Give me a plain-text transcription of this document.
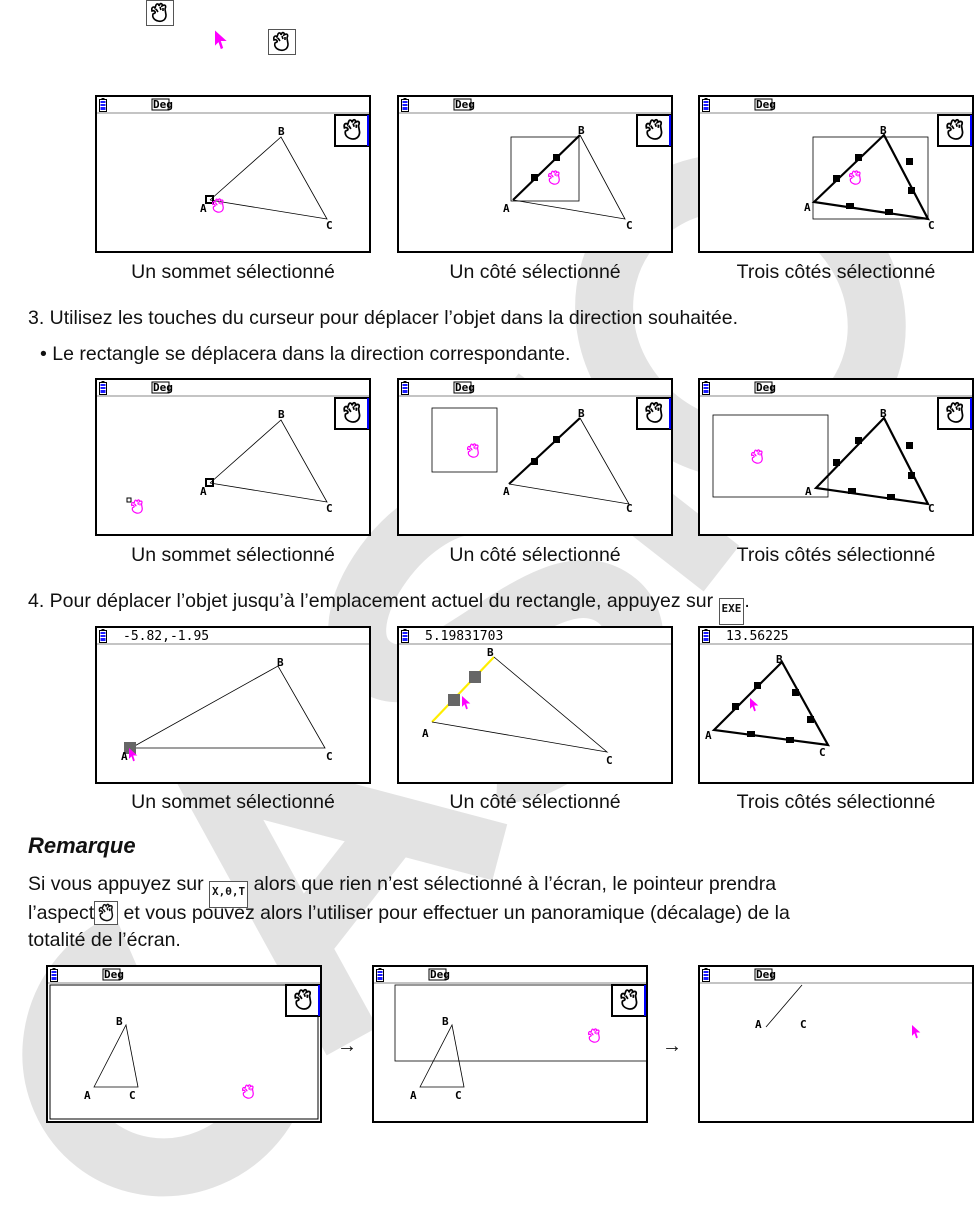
Deg
A
B
C
Deg
A
B
C
Deg
A
B
C
Un sommet sélectionné	Un côté sélectionné	Trois côtés sélectionné
3. Utilisez les touches du curseur pour déplacer l’objet dans la direction souhaitée.
• Le rectangle se déplacera dans la direction correspondante.
Deg
A
B
C
Deg
A
B
C
Deg
A
B
C
Un sommet sélectionné	Un côté sélectionné	Trois côtés sélectionné
4. Pour déplacer l’objet jusqu’à l’emplacement actuel du rectangle, appuyez sur EXE .
-5.82,-1.95
A
B
C
5.19831703
A
B
C
13.56225
A
B
C
Un sommet sélectionné	Un côté sélectionné	Trois côtés sélectionné
Remarque
Si vous appuyez sur X,θ,T alors que rien n’est sélectionné à l’écran, le pointeur prendra
l’aspect et vous pouvez alors l’utiliser pour effectuer un panoramique (décalage) de la
totalité de l’écran.
Deg
A
B
C
→
Deg
A
B
C
→
Deg
A	C
